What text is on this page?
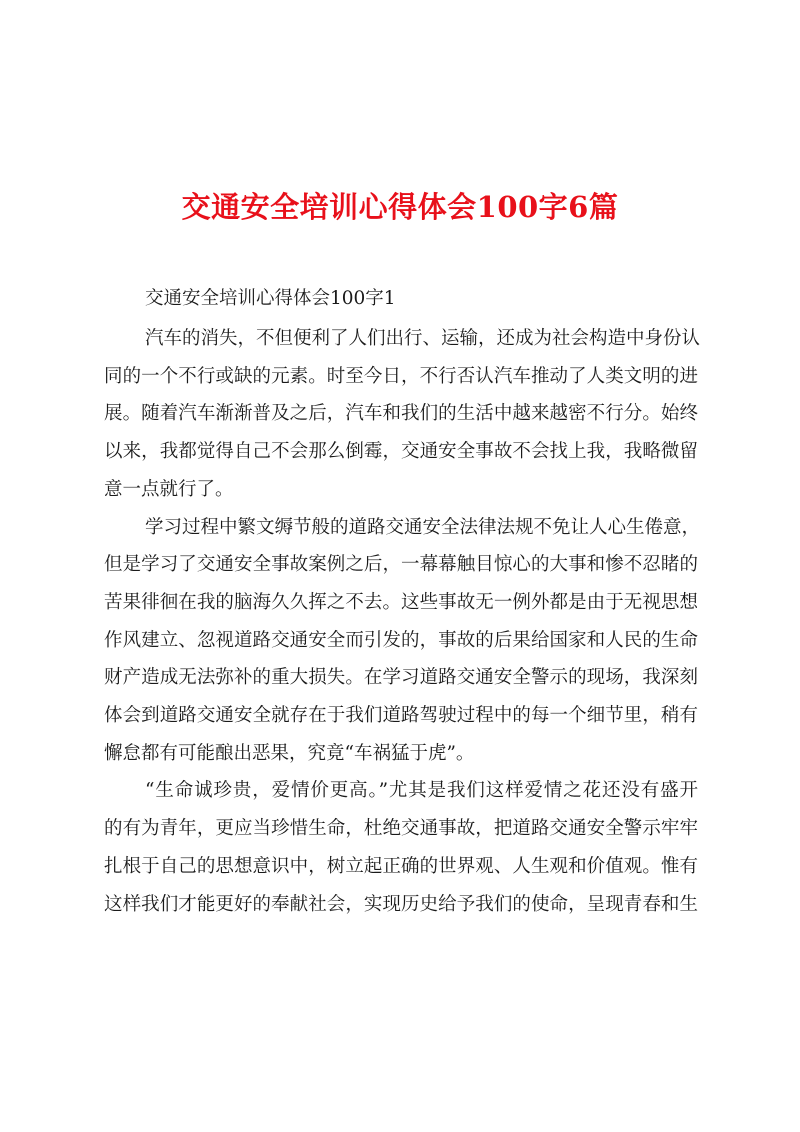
交通安全培训心得体会100字6篇

交通安全培训心得体会100字1

汽车的消失，不但便利了人们出行、运输，还成为社会构造中身份认
同的一个不行或缺的元素。时至今日，不行否认汽车推动了人类文明的进
展。随着汽车渐渐普及之后，汽车和我们的生活中越来越密不行分。始终
以来，我都觉得自己不会那么倒霉，交通安全事故不会找上我，我略微留
意一点就行了。
学习过程中繁文缛节般的道路交通安全法律法规不免让人心生倦意，
但是学习了交通安全事故案例之后，一幕幕触目惊心的大事和惨不忍睹的
苦果徘徊在我的脑海久久挥之不去。这些事故无一例外都是由于无视思想
作风建立、忽视道路交通安全而引发的，事故的后果给国家和人民的生命
财产造成无法弥补的重大损失。在学习道路交通安全警示的现场，我深刻
体会到道路交通安全就存在于我们道路驾驶过程中的每一个细节里，稍有
懈怠都有可能酿出恶果，究竟“车祸猛于虎”。
“生命诚珍贵，爱情价更高。”尤其是我们这样爱情之花还没有盛开
的有为青年，更应当珍惜生命，杜绝交通事故，把道路交通安全警示牢牢
扎根于自己的思想意识中，树立起正确的世界观、人生观和价值观。惟有
这样我们才能更好的奉献社会，实现历史给予我们的使命，呈现青春和生
